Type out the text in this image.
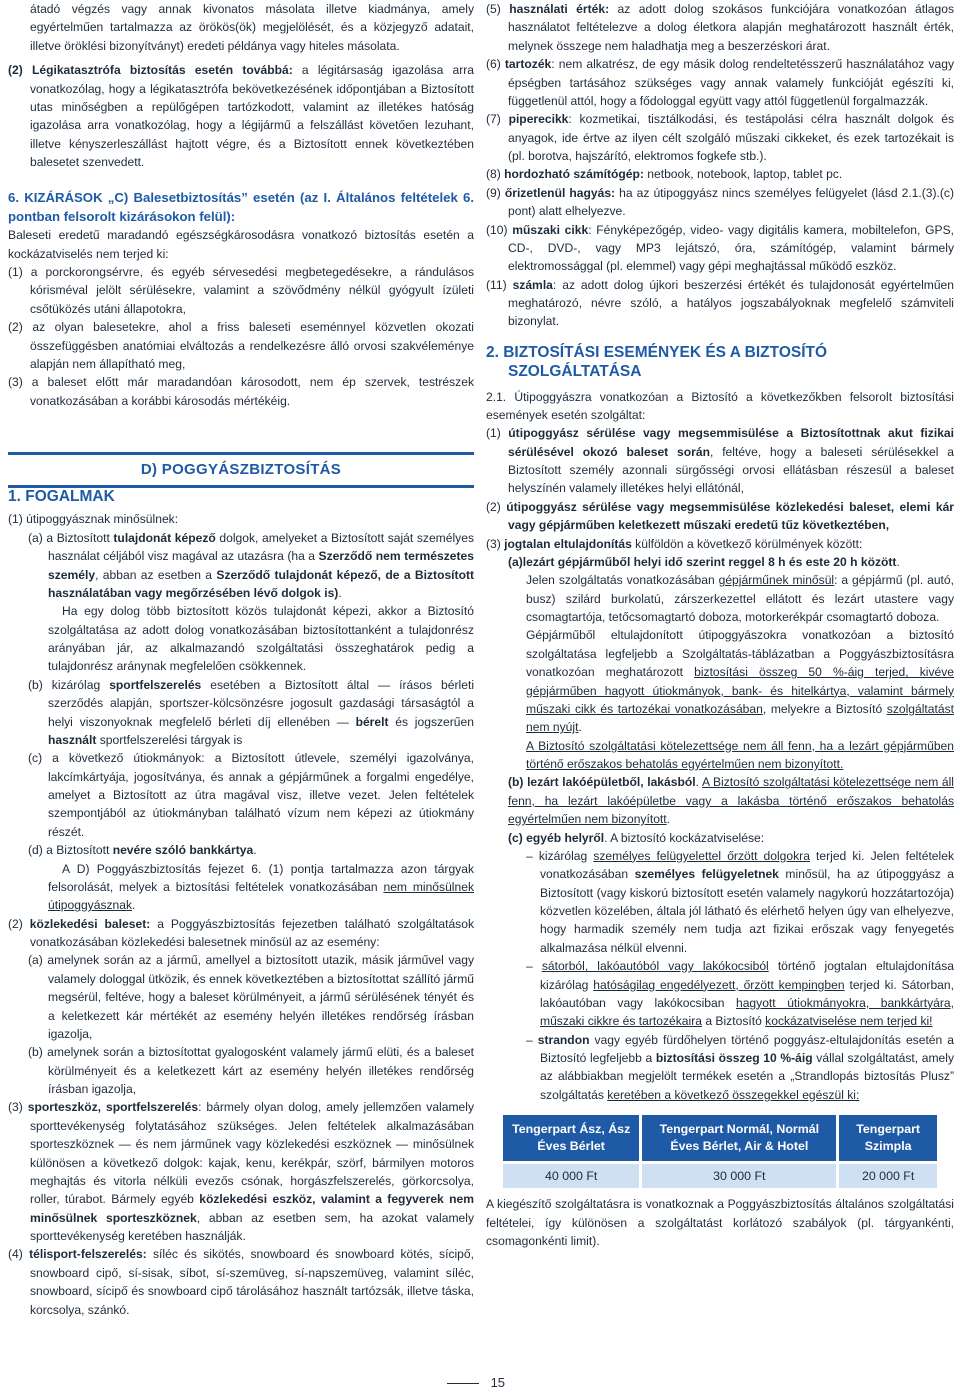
átadó végzés vagy annak kivonatos másolata illetve kiadmánya, amely egyértelműen tartalmazza az örökös(ök) megjelölését, és a közjegyző adatait, illetve öröklési bizonyítványt) eredeti példánya vagy hiteles másolata.

(2) Légikatasztrófa biztosítás esetén továbbá: a légitársaság igazolása arra vonatkozólag, hogy a légikatasztrófa bekövetkezésének időpontjában a Biztosított utas minőségben a repülőgépen tartózkodott, valamint az illetékes hatóság igazolása arra vonatkozólag, hogy a légijármű a felszállást követően lezuhant, illetve kényszerleszállást hajtott végre, és a Biztosított ennek következtében balesetet szenvedett.

6. KIZÁRÁSOK „C) Balesetbiztosítás” esetén (az I. Általános feltételek 6. pontban felsorolt kizárásokon felül):

Baleseti eredetű maradandó egészségkárosodásra vonatkozó biztosítás esetén a kockázatviselés nem terjed ki:

(1) a porckorongsérvre, és egyéb sérvesedési megbetegedésekre, a rándulásos kórisméval jelölt sérülésekre, valamint a szövődmény nélkül gyógyult ízületi csőtüközés utáni állapotokra,

(2) az olyan balesetekre, ahol a friss baleseti eseménnyel közvetlen okozati összefüggésben anatómiai elváltozás a rendelkezésre álló orvosi szakvéleménye alapján nem állapítható meg,

(3) a baleset előtt már maradandóan károsodott, nem ép szervek, testrészek vonatkozásában a korábbi károsodás mértékéig.

1. FOGALMAK

(1) útipoggyásznak minősülnek:

(a) a Biztosított tulajdonát képező dolgok, amelyeket a Biztosított saját személyes használat céljából visz magával az utazásra (ha a Szerződő nem természetes személy, abban az esetben a Szerződő tulajdonát képező, de a Biztosított használatában vagy megőrzésében lévő dolgok is).

Ha egy dolog több biztosított közös tulajdonát képezi, akkor a Biztosító szolgáltatása az adott dolog vonatkozásában biztosítottanként a tulajdonrész arányában jár, az alkalmazandó szolgáltatási összeghatárok pedig a tulajdonrész aránynak megfelelően csökkennek.

(b) kizárólag sportfelszerelés esetében a Biztosított által ― írásos bérleti szerződés alapján, sportszer-kölcsönzésre jogosult gazdasági társaságtól a helyi viszonyoknak megfelelő bérleti díj ellenében ― bérelt és jogszerűen használt sportfelszerelési tárgyak is

(c) a következő útiokmányok: a Biztosított útlevele, személyi igazolványa, lakcímkártyája, jogosítványa, és annak a gépjárműnek a forgalmi engedélye, amelyet a Biztosított az útra magával visz, illetve vezet. Jelen feltételek szempontjából az útiokmányban található vízum nem képezi az útiokmány részét.

(d) a Biztosított nevére szóló bankkártya.

A D) Poggyászbiztosítás fejezet 6. (1) pontja tartalmazza azon tárgyak felsorolását, melyek a biztosítási feltételek vonatkozásában nem minősülnek útipoggyásznak.

(2) közlekedési baleset: a Poggyászbiztosítás fejezetben található szolgáltatások vonatkozásában közlekedési balesetnek minősül az az esemény:

(a) amelynek során az a jármű, amellyel a biztosított utazik, másik járművel vagy valamely dologgal ütközik, és ennek következtében a biztosítottat szállító jármű megsérül, feltéve, hogy a baleset körülményeit, a jármű sérülésének tényét és a keletkezett kár mértékét az esemény helyén illetékes rendőrség írásban igazolja,

(b) amelynek során a biztosítottat gyalogosként valamely jármű elüti, és a baleset körülményeit és a keletkezett kárt az esemény helyén illetékes rendőrség írásban igazolja,

(3) sporteszköz, sportfelszerelés: bármely olyan dolog, amely jellemzően valamely sporttevékenység folytatásához szükséges. Jelen feltételek alkalmazásában sporteszköznek ― és nem járműnek vagy közlekedési eszköznek ― minősülnek különösen a következő dolgok: kajak, kenu, kerékpár, szörf, bármilyen motoros meghajtás és vitorla nélküli evezős csónak, horgászfelszerelés, görkorcsolya, roller, túrabot. Bármely egyéb közlekedési eszköz, valamint a fegyverek nem minősülnek sporteszköznek, abban az esetben sem, ha azokat valamely sporttevékenység keretében használják.

(4) télisport-felszerelés: síléc és sikötés, snowboard és snowboard kötés, sícipő, snowboard cipő, sí-sisak, síbot, sí-szemüveg, sí-napszemüveg, valamint síléc, snowboard, sícipő és snowboard cipő tárolásához használt tartózsák, illetve táska, korcsolya, szánkó.

D) POGGYÁSZBIZTOSÍTÁS

(5) használati érték: az adott dolog szokásos funkciójára vonatkozóan átlagos használatot feltételezve a dolog életkora alapján meghatározott használt érték, melynek összege nem haladhatja meg a beszerzéskori árat.

(6) tartozék: nem alkatrész, de egy másik dolog rendeltetésszerű használatához vagy épségben tartásához szükséges vagy annak valamely funkcióját egészíti ki, függetlenül attól, hogy a fődologgal együtt vagy attól függetlenül forgalmazzák.

(7) piperecikk: kozmetikai, tisztálkodási, és testápolási célra használt dolgok és anyagok, ide értve az ilyen célt szolgáló műszaki cikkeket, és ezek tartozékait is (pl. borotva, hajszárító, elektromos fogkefe stb.).

(8) hordozható számítógép: netbook, notebook, laptop, tablet pc.

(9) őrizetlenül hagyás: ha az útipoggyász nincs személyes felügyelet (lásd 2.1.(3).(c) pont) alatt elhelyezve.

(10) műszaki cikk: Fényképezőgép, video- vagy digitális kamera, mobiltelefon, GPS, CD-, DVD-, vagy MP3 lejátszó, óra, számítógép, valamint bármely elektromossággal (pl. elemmel) vagy gépi meghajtással működő eszköz.

(11) számla: az adott dolog újkori beszerzési értékét és tulajdonosát egyértelműen meghatározó, névre szóló, a hatályos jogszabályoknak megfelelő számviteli bizonylat.

2. BIZTOSÍTÁSI ESEMÉNYEK ÉS A BIZTOSÍTÓ SZOLGÁLTATÁSA

2.1. Útipoggyászra vonatkozóan a Biztosító a következőkben felsorolt biztosítási események esetén szolgáltat:

(1) útipoggyász sérülése vagy megsemmisülése a Biztosítottnak akut fizikai sérülésével okozó baleset során, feltéve, hogy a baleseti sérülésekkel a Biztosított személy azonnali sürgősségi orvosi ellátásban részesül a baleset helyszínén valamely illetékes helyi ellátónál,

(2) útipoggyász sérülése vagy megsemmisülése közlekedési baleset, elemi kár vagy gépjárműben keletkezett műszaki eredetű tűz következtében,

(3) jogtalan eltulajdonítás külföldön a következő körülmények között:

(a)lezárt gépjárműből helyi idő szerint reggel 8 h és este 20 h között.

Jelen szolgáltatás vonatkozásában gépjárműnek minősül: a gépjármű (pl. autó, busz) szilárd burkolatú, zárszerkezettel ellátott és lezárt utastere vagy csomagtartója, tetőcsomagtartó doboza, motorkerékpár csomagtartó doboza.

Gépjárműből eltulajdonított útipoggyászokra vonatkozóan a biztosító szolgáltatása legfeljebb a Szolgáltatás-táblázatban a Poggyászbiztosításra vonatkozóan meghatározott biztosítási összeg 50 %-áig terjed, kivéve gépjárműben hagyott útiokmányok, bank- és hitelkártya, valamint bármely műszaki cikk és tartozékai vonatkozásában, melyekre a Biztosító szolgáltatást nem nyújt.

A Biztosító szolgáltatási kötelezettsége nem áll fenn, ha a lezárt gépjárműben történő erőszakos behatolás egyértelműen nem bizonyított.

(b) lezárt lakóépületből, lakásból. A Biztosító szolgáltatási kötelezettsége nem áll fenn, ha lezárt lakóépületbe vagy a lakásba történő erőszakos behatolás egyértelműen nem bizonyított.

(c) egyéb helyről. A biztosító kockázatviselése:

– kizárólag személyes felügyelettel őrzött dolgokra terjed ki. Jelen feltételek vonatkozásában személyes felügyeletnek minősül, ha az útipoggyász a Biztosított (vagy kiskorú biztosított esetén valamely nagykorú hozzátartozója) közvetlen közelében, általa jól látható és elérhető helyen úgy van elhelyezve, hogy harmadik személy nem tudja azt fizikai erőszak vagy fenyegetés alkalmazása nélkül elvenni.

– sátorból, lakóautóból vagy lakókocsiból történő jogtalan eltulajdonítása kizárólag hatóságilag engedélyezett, őrzött kempingben terjed ki. Sátorban, lakóautóban vagy lakókocsiban hagyott útiokmányokra, bankkártyára, műszaki cikkre és tartozékaira a Biztosító kockázatviselése nem terjed ki!

– strandon vagy egyéb fürdőhelyen történő poggyász-eltulajdonítás esetén a Biztosító legfeljebb a biztosítási összeg 10 %-áig vállal szolgáltatást, amely az alábbiakban megjelölt termékek esetén a „Strandlopás biztosítás Plusz” szolgáltatás keretében a következő összegekkel egészül ki:

Tengerpart Ász, Ász Éves Bérlet	Tengerpart Normál, Normál Éves Bérlet, Air & Hotel	Tengerpart Szimpla
40 000 Ft	30 000 Ft	20 000 Ft

A kiegészítő szolgáltatásra is vonatkoznak a Poggyászbiztosítás általános szolgáltatási feltételei, így különösen a szolgáltatást korlátozó szabályok (pl. tárgyankénti, csomagonkénti limit).

15
